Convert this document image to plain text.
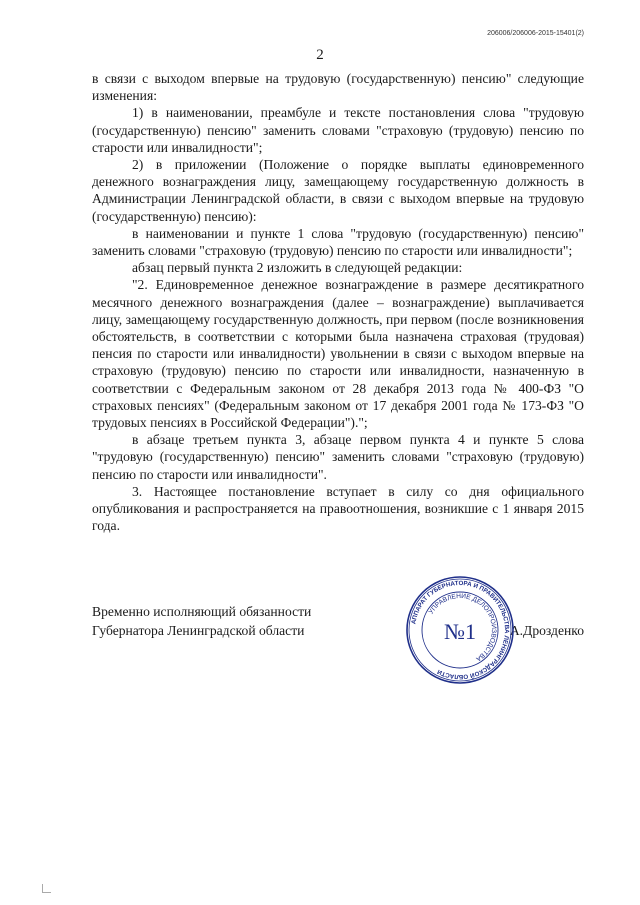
206006/206006-2015-15401(2)
2

в связи с выходом впервые на трудовую (государственную) пенсию" следующие изменения:

1) в наименовании, преамбуле и тексте постановления слова "трудовую (государственную) пенсию" заменить словами "страховую (трудовую) пенсию по старости или инвалидности";

2) в приложении (Положение о порядке выплаты единовременного денежного вознаграждения лицу, замещающему государственную должность в Администрации Ленинградской области, в связи с выходом впервые на трудовую (государственную) пенсию):

в наименовании и пункте 1 слова "трудовую (государственную) пенсию" заменить словами "страховую (трудовую) пенсию по старости или инвалидности";

абзац первый пункта 2 изложить в следующей редакции:

"2. Единовременное денежное вознаграждение в размере десятикратного месячного денежного вознаграждения (далее – вознаграждение) выплачивается лицу, замещающему государственную должность, при первом (после возникновения обстоятельств, в соответствии с которыми была назначена страховая (трудовая) пенсия по старости или инвалидности) увольнении в связи с выходом впервые на страховую (трудовую) пенсию по старости или инвалидности, назначенную в соответствии с Федеральным законом от 28 декабря 2013 года № 400-ФЗ "О страховых пенсиях" (Федеральным законом от 17 декабря 2001 года № 173-ФЗ "О трудовых пенсиях в Российской Федерации").";

в абзаце третьем пункта 3, абзаце первом пункта 4 и пункте 5 слова "трудовую (государственную) пенсию" заменить словами "страховую (трудовую) пенсию по старости или инвалидности".

3. Настоящее постановление вступает в силу со дня официального опубликования и распространяется на правоотношения, возникшие с 1 января 2015 года.

Временно исполняющий обязанности
Губернатора Ленинградской области	А.Дрозденко
АППАРАТ ГУБЕРНАТОРА И ПРАВИТЕЛЬСТВА ЛЕНИНГРАДСКОЙ ОБЛАСТИ
УПРАВЛЕНИЕ ДЕЛОПРОИЗВОДСТВА
№1
